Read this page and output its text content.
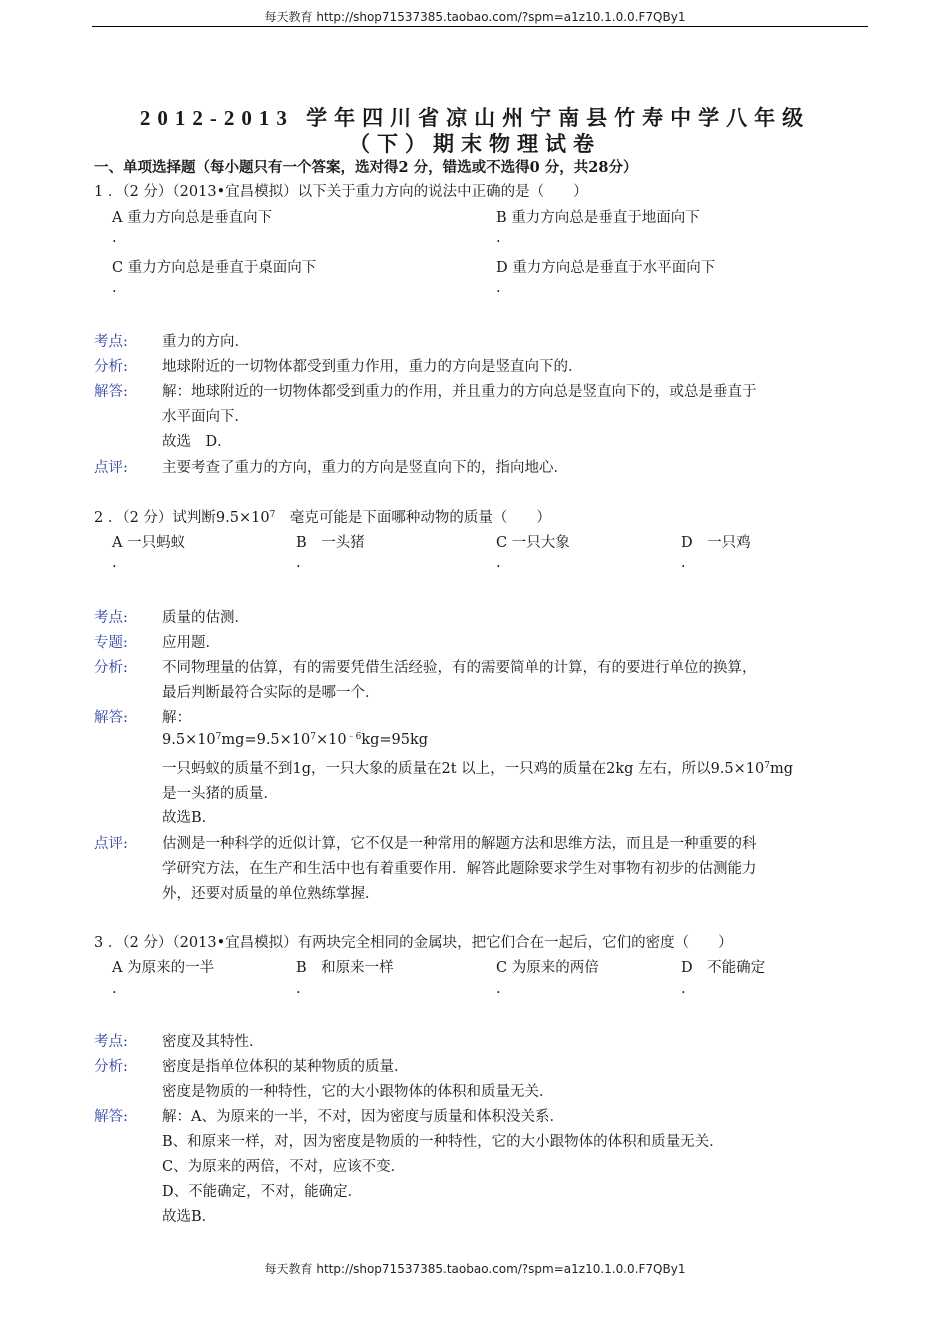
每天教育 http://shop71537385.taobao.com/?spm=a1z10.1.0.0.F7QBy1
2012-2013 学年四川省凉山州宁南县竹寿中学八年级
（下）期末物理试卷
一、单项选择题（每小题只有一个答案，选对得2 分，错选或不选得0 分，共28分）
1 ．（2 分）（2013•宜昌模拟）以下关于重力方向的说法中正确的是（　　）
A 重力方向总是垂直向下	B 重力方向总是垂直于地面向下
.	.
C 重力方向总是垂直于桌面向下	D 重力方向总是垂直于水平面向下
.	.
考点: 重力的方向．
分析: 地球附近的一切物体都受到重力作用，重力的方向是竖直向下的．
解答: 解：地球附近的一切物体都受到重力的作用，并且重力的方向总是竖直向下的，或总是垂直于
水平面向下．
故选　D．
点评: 主要考查了重力的方向，重力的方向是竖直向下的，指向地心．
2 ．（2 分）试判断$9.5\times 10^7$　毫克可能是下面哪种动物的质量（　　）
A 一只蚂蚁	B　一头猪	C 一只大象	D　一只鸡
.	.	.	.
考点: 质量的估测．
专题: 应用题．
分析: 不同物理量的估算，有的需要凭借生活经验，有的需要简单的计算，有的要进行单位的换算，
最后判断最符合实际的是哪一个．
解答: 解：
$9.5\times 10^7mg=9.5\times 10^7\times 10^{﹣6}kg=95kg$
一只蚂蚁的质量不到1g，一只大象的质量在2t 以上，一只鸡的质量在2kg 左右，所以$9.5\times 10^7mg$
是一头猪的质量．
故选B．
点评: 估测是一种科学的近似计算，它不仅是一种常用的解题方法和思维方法，而且是一种重要的科
学研究方法，在生产和生活中也有着重要作用．解答此题除要求学生对事物有初步的估测能力
外，还要对质量的单位熟练掌握．
3 ．（2 分）（2013•宜昌模拟）有两块完全相同的金属块，把它们合在一起后，它们的密度（　　）
A 为原来的一半	B　和原来一样	C 为原来的两倍	D　不能确定
.	.	.	.
考点: 密度及其特性．
分析: 密度是指单位体积的某种物质的质量．
密度是物质的一种特性，它的大小跟物体的体积和质量无关．
解答: 解：A、为原来的一半，不对，因为密度与质量和体积没关系．
B、和原来一样，对，因为密度是物质的一种特性，它的大小跟物体的体积和质量无关．
C、为原来的两倍，不对，应该不变．
D、不能确定，不对，能确定．
故选B．
每天教育 http://shop71537385.taobao.com/?spm=a1z10.1.0.0.F7QBy1
